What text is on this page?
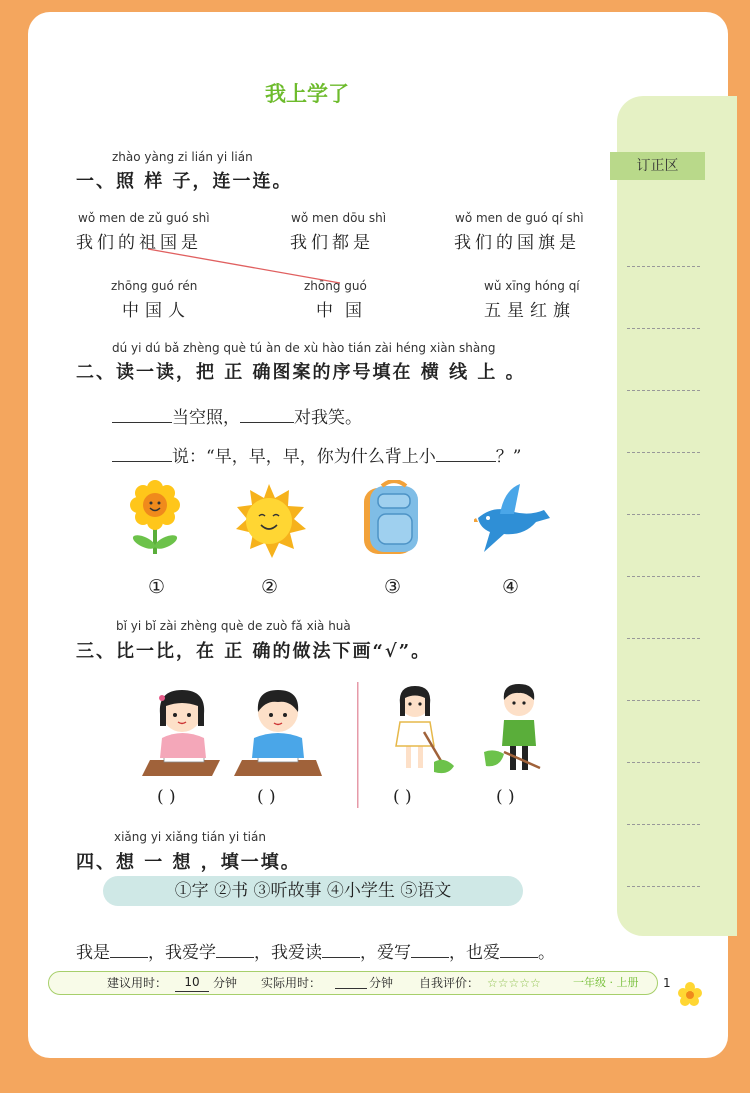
订正区
我上学了
zhào yàng zi lián yi lián
一、照 样 子，连一连。
wǒ men de zǔ guó shì
我们的祖国是
wǒ men dōu shì
我们都是
wǒ men de guó qí shì
我们的国旗是
zhōng guó rén
中国人
zhōng guó
中国
wǔ xīng hóng qí
五星红旗
dú yi dú bǎ zhèng què tú àn de xù hào tián zài héng xiàn shàng
二、读一读，把 正 确图案的序号填在 横 线 上 。
当空照，	对我笑。
说：“早，早，早，你为什么背上小	？”
①	②	③	④
bǐ yi bǐ zài zhèng què de zuò fǎ xià huà
三、比一比，在 正 确的做法下画“√”。
( )	( )	( )	( )
xiǎng yi xiǎng tián yi tián
四、想 一 想 ，填一填。
①字 ②书 ③听故事 ④小学生 ⑤语文
我是 ，我爱学 ，我爱读 ，爱写 ，也爱 。
建议用时：	10	分钟 实际用时：	分钟 自我评价： ☆☆☆☆☆	一年级 · 上册 1
